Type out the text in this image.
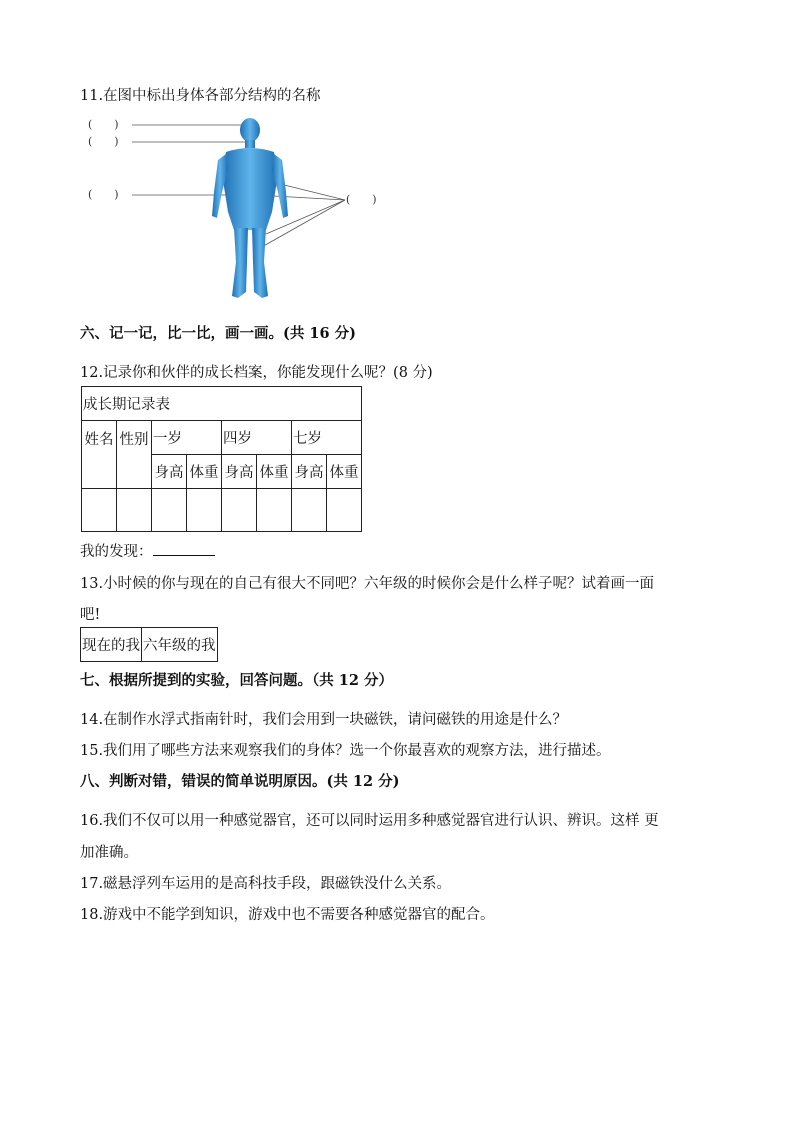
11.在图中标出身体各部分结构的名称
(　　)
(　　)
(　　)	(　　)
六、记一记，比一比，画一画。(共 16 分)
12.记录你和伙伴的成长档案，你能发现什么呢？(8 分)
成长期记录表							
姓名	性别	一岁		四岁		七岁	
		身高	体重	身高	体重	身高	体重

我的发现：
13.小时候的你与现在的自己有很大不同吧？六年级的时候你会是什么样子呢？试着画一面
吧!
现在的我	六年级的我
七、根据所提到的实验，回答问题。（共 12 分）
14.在制作水浮式指南针时，我们会用到一块磁铁，请问磁铁的用途是什么？
15.我们用了哪些方法来观察我们的身体？选一个你最喜欢的观察方法，进行描述。
八、判断对错，错误的简单说明原因。(共 12 分)
16.我们不仅可以用一种感觉器官，还可以同时运用多种感觉器官进行认识、辨识。这样 更
加准确。
17.磁悬浮列车运用的是高科技手段，跟磁铁没什么关系。
18.游戏中不能学到知识，游戏中也不需要各种感觉器官的配合。
